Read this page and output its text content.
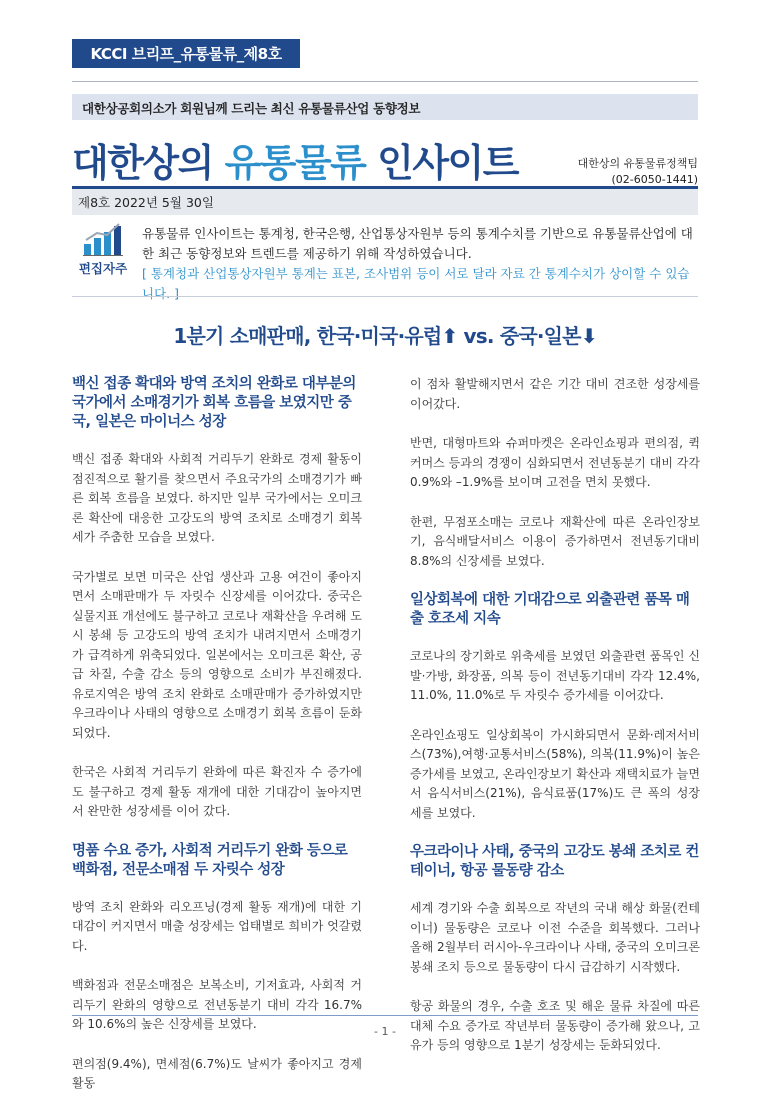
KCCI 브리프_유통물류_제8호
대한상공회의소가 회원님께 드리는 최신 유통물류산업 동향정보
대한상의 유통물류 인사이트	대한상의 유통물류정책팀
(02-6050-1441)
제8호 2022년 5월 30일
편집자주
유통물류 인사이트는 통계청, 한국은행, 산업통상자원부 등의 통계수치를 기반으로 유통물류산업에 대한 최근 동향정보와 트렌드를 제공하기 위해 작성하였습니다.
[ 통계청과 산업통상자원부 통계는 표본, 조사범위 등이 서로 달라 자료 간 통계수치가 상이할 수 있습니다. ]
1분기 소매판매, 한국·미국·유럽⬆ vs. 중국·일본⬇
백신 접종 확대와 방역 조치의 완화로 대부분의 국가에서 소매경기가 회복 흐름을 보였지만 중국, 일본은 마이너스 성장

백신 접종 확대와 사회적 거리두기 완화로 경제 활동이 점진적으로 활기를 찾으면서 주요국가의 소매경기가 빠른 회복 흐름을 보였다. 하지만 일부 국가에서는 오미크론 확산에 대응한 고강도의 방역 조치로 소매경기 회복세가 주춤한 모습을 보였다.

국가별로 보면 미국은 산업 생산과 고용 여건이 좋아지면서 소매판매가 두 자릿수 신장세를 이어갔다. 중국은 실물지표 개선에도 불구하고 코로나 재확산을 우려해 도시 봉쇄 등 고강도의 방역 조치가 내려지면서 소매경기가 급격하게 위축되었다. 일본에서는 오미크론 확산, 공급 차질, 수출 감소 등의 영향으로 소비가 부진해졌다. 유로지역은 방역 조치 완화로 소매판매가 증가하였지만 우크라이나 사태의 영향으로 소매경기 회복 흐름이 둔화되었다.

한국은 사회적 거리두기 완화에 따른 확진자 수 증가에도 불구하고 경제 활동 재개에 대한 기대감이 높아지면서 완만한 성장세를 이어 갔다.

명품 수요 증가, 사회적 거리두기 완화 등으로 백화점, 전문소매점 두 자릿수 성장

방역 조치 완화와 리오프닝(경제 활동 재개)에 대한 기대감이 커지면서 매출 성장세는 업태별로 희비가 엇갈렸다.

백화점과 전문소매점은 보복소비, 기저효과, 사회적 거리두기 완화의 영향으로 전년동분기 대비 각각 16.7%와 10.6%의 높은 신장세를 보였다.

편의점(9.4%), 면세점(6.7%)도 날씨가 좋아지고 경제활동

이 점차 활발해지면서 같은 기간 대비 견조한 성장세를 이어갔다.

반면, 대형마트와 슈퍼마켓은 온라인쇼핑과 편의점, 퀵커머스 등과의 경쟁이 심화되면서 전년동분기 대비 각각 0.9%와 –1.9%를 보이며 고전을 면치 못했다.

한편, 무점포소매는 코로나 재확산에 따른 온라인장보기, 음식배달서비스 이용이 증가하면서 전년동기대비 8.8%의 신장세를 보였다.

일상회복에 대한 기대감으로 외출관련 품목 매출 호조세 지속

코로나의 장기화로 위축세를 보였던 외출관련 품목인 신발·가방, 화장품, 의복 등이 전년동기대비 각각 12.4%, 11.0%, 11.0%로 두 자릿수 증가세를 이어갔다.

온라인쇼핑도 일상회복이 가시화되면서 문화·레저서비스(73%),여행·교통서비스(58%), 의복(11.9%)이 높은 증가세를 보였고, 온라인장보기 확산과 재택치료가 늘면서 음식서비스(21%), 음식료품(17%)도 큰 폭의 성장세를 보였다.

우크라이나 사태, 중국의 고강도 봉쇄 조치로 컨테이너, 항공 물동량 감소

세계 경기와 수출 회복으로 작년의 국내 해상 화물(컨테이너) 물동량은 코로나 이전 수준을 회복했다. 그러나 올해 2월부터 러시아-우크라이나 사태, 중국의 오미크론 봉쇄 조치 등으로 물동량이 다시 급감하기 시작했다.

항공 화물의 경우, 수출 호조 및 해운 물류 차질에 따른 대체 수요 증가로 작년부터 물동량이 증가해 왔으나, 고유가 등의 영향으로 1분기 성장세는 둔화되었다.

- 1 -
